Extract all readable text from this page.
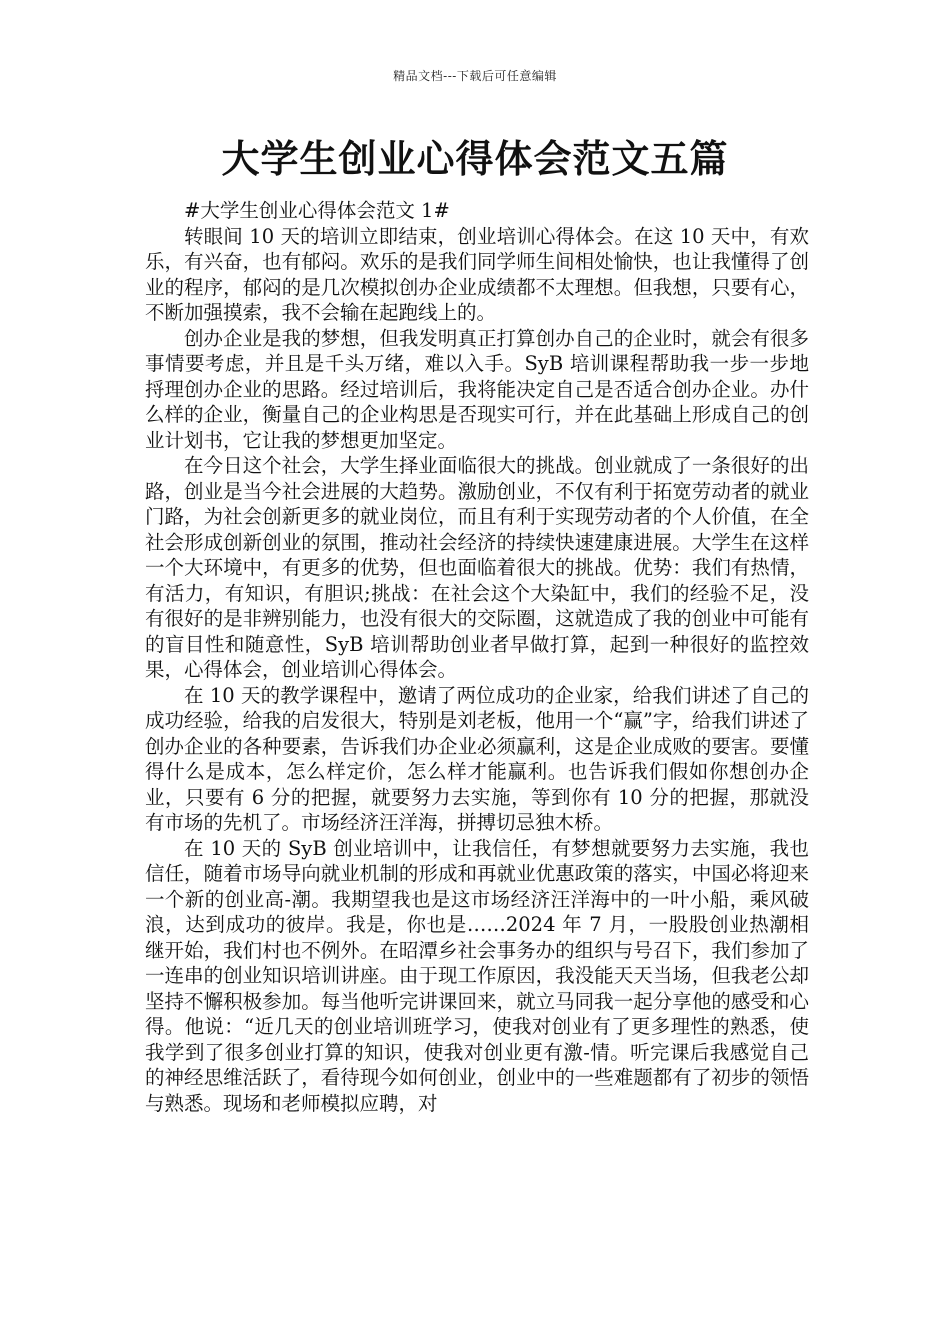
精品文档---下载后可任意编辑
大学生创业心得体会范文五篇

#大学生创业心得体会范文 1#

转眼间 10 天的培训立即结束，创业培训心得体会。在这 10 天中，有欢乐，有兴奋，也有郁闷。欢乐的是我们同学师生间相处愉快，也让我懂得了创业的程序，郁闷的是几次模拟创办企业成绩都不太理想。但我想，只要有心，不断加强摸索，我不会输在起跑线上的。

创办企业是我的梦想，但我发明真正打算创办自己的企业时，就会有很多事情要考虑，并且是千头万绪，难以入手。SyB 培训课程帮助我一步一步地捋理创办企业的思路。经过培训后，我将能决定自己是否适合创办企业。办什么样的企业，衡量自己的企业构思是否现实可行，并在此基础上形成自己的创业计划书，它让我的梦想更加坚定。

在今日这个社会，大学生择业面临很大的挑战。创业就成了一条很好的出路，创业是当今社会进展的大趋势。激励创业，不仅有利于拓宽劳动者的就业门路，为社会创新更多的就业岗位，而且有利于实现劳动者的个人价值，在全社会形成创新创业的氛围，推动社会经济的持续快速建康进展。大学生在这样一个大环境中，有更多的优势，但也面临着很大的挑战。优势：我们有热情，有活力，有知识，有胆识;挑战：在社会这个大染缸中，我们的经验不足，没有很好的是非辨别能力，也没有很大的交际圈，这就造成了我的创业中可能有的盲目性和随意性，SyB 培训帮助创业者早做打算，起到一种很好的监控效果，心得体会，创业培训心得体会。

在 10 天的教学课程中，邀请了两位成功的企业家，给我们讲述了自己的成功经验，给我的启发很大，特别是刘老板，他用一个“赢”字，给我们讲述了创办企业的各种要素，告诉我们办企业必须赢利，这是企业成败的要害。要懂得什么是成本，怎么样定价，怎么样才能赢利。也告诉我们假如你想创办企业，只要有 6 分的把握，就要努力去实施，等到你有 10 分的把握，那就没有市场的先机了。市场经济汪洋海，拼搏切忌独木桥。

在 10 天的 SyB 创业培训中，让我信任，有梦想就要努力去实施，我也信任，随着市场导向就业机制的形成和再就业优惠政策的落实，中国必将迎来一个新的创业高-潮。我期望我也是这市场经济汪洋海中的一叶小船，乘风破浪，达到成功的彼岸。我是，你也是……2024 年 7 月，一股股创业热潮相继开始，我们村也不例外。在昭潭乡社会事务办的组织与号召下，我们参加了一连串的创业知识培训讲座。由于现工作原因，我没能天天当场，但我老公却坚持不懈积极参加。每当他听完讲课回来，就立马同我一起分享他的感受和心得。他说：“近几天的创业培训班学习，使我对创业有了更多理性的熟悉，使我学到了很多创业打算的知识，使我对创业更有激-情。听完课后我感觉自己的神经思维活跃了，看待现今如何创业，创业中的一些难题都有了初步的领悟与熟悉。现场和老师模拟应聘，对
